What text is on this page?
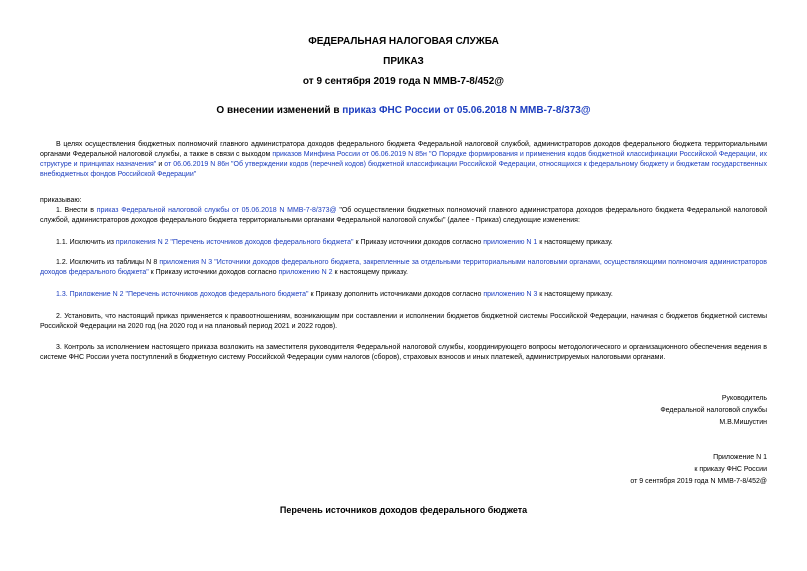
ФЕДЕРАЛЬНАЯ НАЛОГОВАЯ СЛУЖБА
ПРИКАЗ
от 9 сентября 2019 года N ММВ-7-8/452@
О внесении изменений в приказ ФНС России от 05.06.2018 N ММВ-7-8/373@
В целях осуществления бюджетных полномочий главного администратора доходов федерального бюджета Федеральной налоговой службой, администраторов доходов федерального бюджета территориальными органами Федеральной налоговой службы, а также в связи с выходом приказов Минфина России от 06.06.2019 N 85н "О Порядке формирования и применения кодов бюджетной классификации Российской Федерации, их структуре и принципах назначения" и от 06.06.2019 N 86н "Об утверждении кодов (перечней кодов) бюджетной классификации Российской Федерации, относящихся к федеральному бюджету и бюджетам государственных внебюджетных фондов Российской Федерации"
приказываю:
1. Внести в приказ Федеральной налоговой службы от 05.06.2018 N ММВ-7-8/373@ "Об осуществлении бюджетных полномочий главного администратора доходов федерального бюджета Федеральной налоговой службой, администраторов доходов федерального бюджета территориальными органами Федеральной налоговой службы" (далее - Приказ) следующие изменения:
1.1. Исключить из приложения N 2 "Перечень источников доходов федерального бюджета" к Приказу источники доходов согласно приложению N 1 к настоящему приказу.
1.2. Исключить из таблицы N 8 приложения N 3 "Источники доходов федерального бюджета, закрепленные за отдельными территориальными налоговыми органами, осуществляющими полномочия администраторов доходов федерального бюджета" к Приказу источники доходов согласно приложению N 2 к настоящему приказу.
1.3. Приложение N 2 "Перечень источников доходов федерального бюджета" к Приказу дополнить источниками доходов согласно приложению N 3 к настоящему приказу.
2. Установить, что настоящий приказ применяется к правоотношениям, возникающим при составлении и исполнении бюджетов бюджетной системы Российской Федерации, начиная с бюджетов бюджетной системы Российской Федерации на 2020 год (на 2020 год и на плановый период 2021 и 2022 годов).
3. Контроль за исполнением настоящего приказа возложить на заместителя руководителя Федеральной налоговой службы, координирующего вопросы методологического и организационного обеспечения ведения в системе ФНС России учета поступлений в бюджетную систему Российской Федерации сумм налогов (сборов), страховых взносов и иных платежей, администрируемых налоговыми органами.
Руководитель
Федеральной налоговой службы
М.В.Мишустин
Приложение N 1
к приказу ФНС России
от 9 сентября 2019 года N ММВ-7-8/452@
Перечень источников доходов федерального бюджета
